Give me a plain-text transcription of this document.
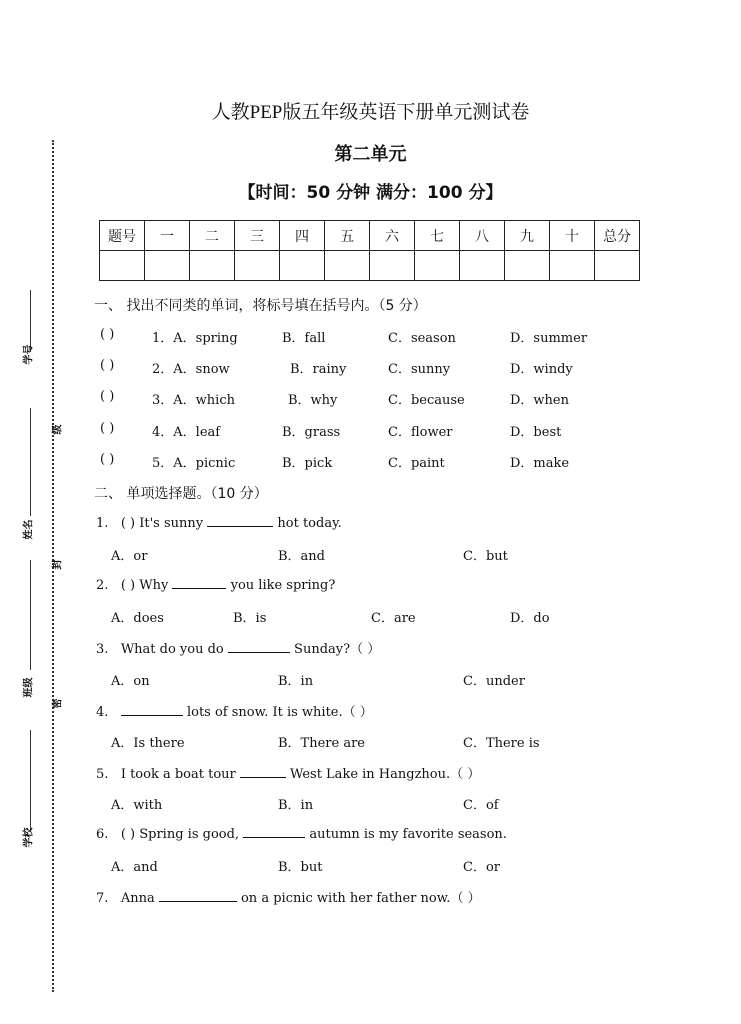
人教PEP版五年级英语下册单元测试卷
第二单元
【时间：50 分钟 满分：100 分】
题号	一	二	三	四	五	六	七	八	九	十	总分

学号
级
姓名
封
班级
密
学校
一、 找出不同类的单词，将标号填在括号内。（5 分）
( )	1．A．spring	B．fall	C．season	D．summer
( )	2．A．snow	B．rainy	C．sunny	D．windy
( )	3．A．which	B．why	C．because	D．when
( )	4．A．leaf	B．grass	C．flower	D．best
( )	5．A．picnic	B．pick	C．paint	D．make
二、 单项选择题。（10 分）
1. ( ) It's sunny	hot today.
A．or	B．and	C．but
2. ( ) Why	you like spring?
A．does	B．is	C．are	D．do
3. What do you do	Sunday?（ ）
A．on	B．in	C．under
4.	lots of snow. It is white.（ ）
A．Is there	B．There are	C．There is
5. I took a boat tour	West Lake in Hangzhou.（ ）
A．with	B．in	C．of
6. ( ) Spring is good,	autumn is my favorite season.
A．and	B．but	C．or
7. Anna	on a picnic with her father now.（ ）
